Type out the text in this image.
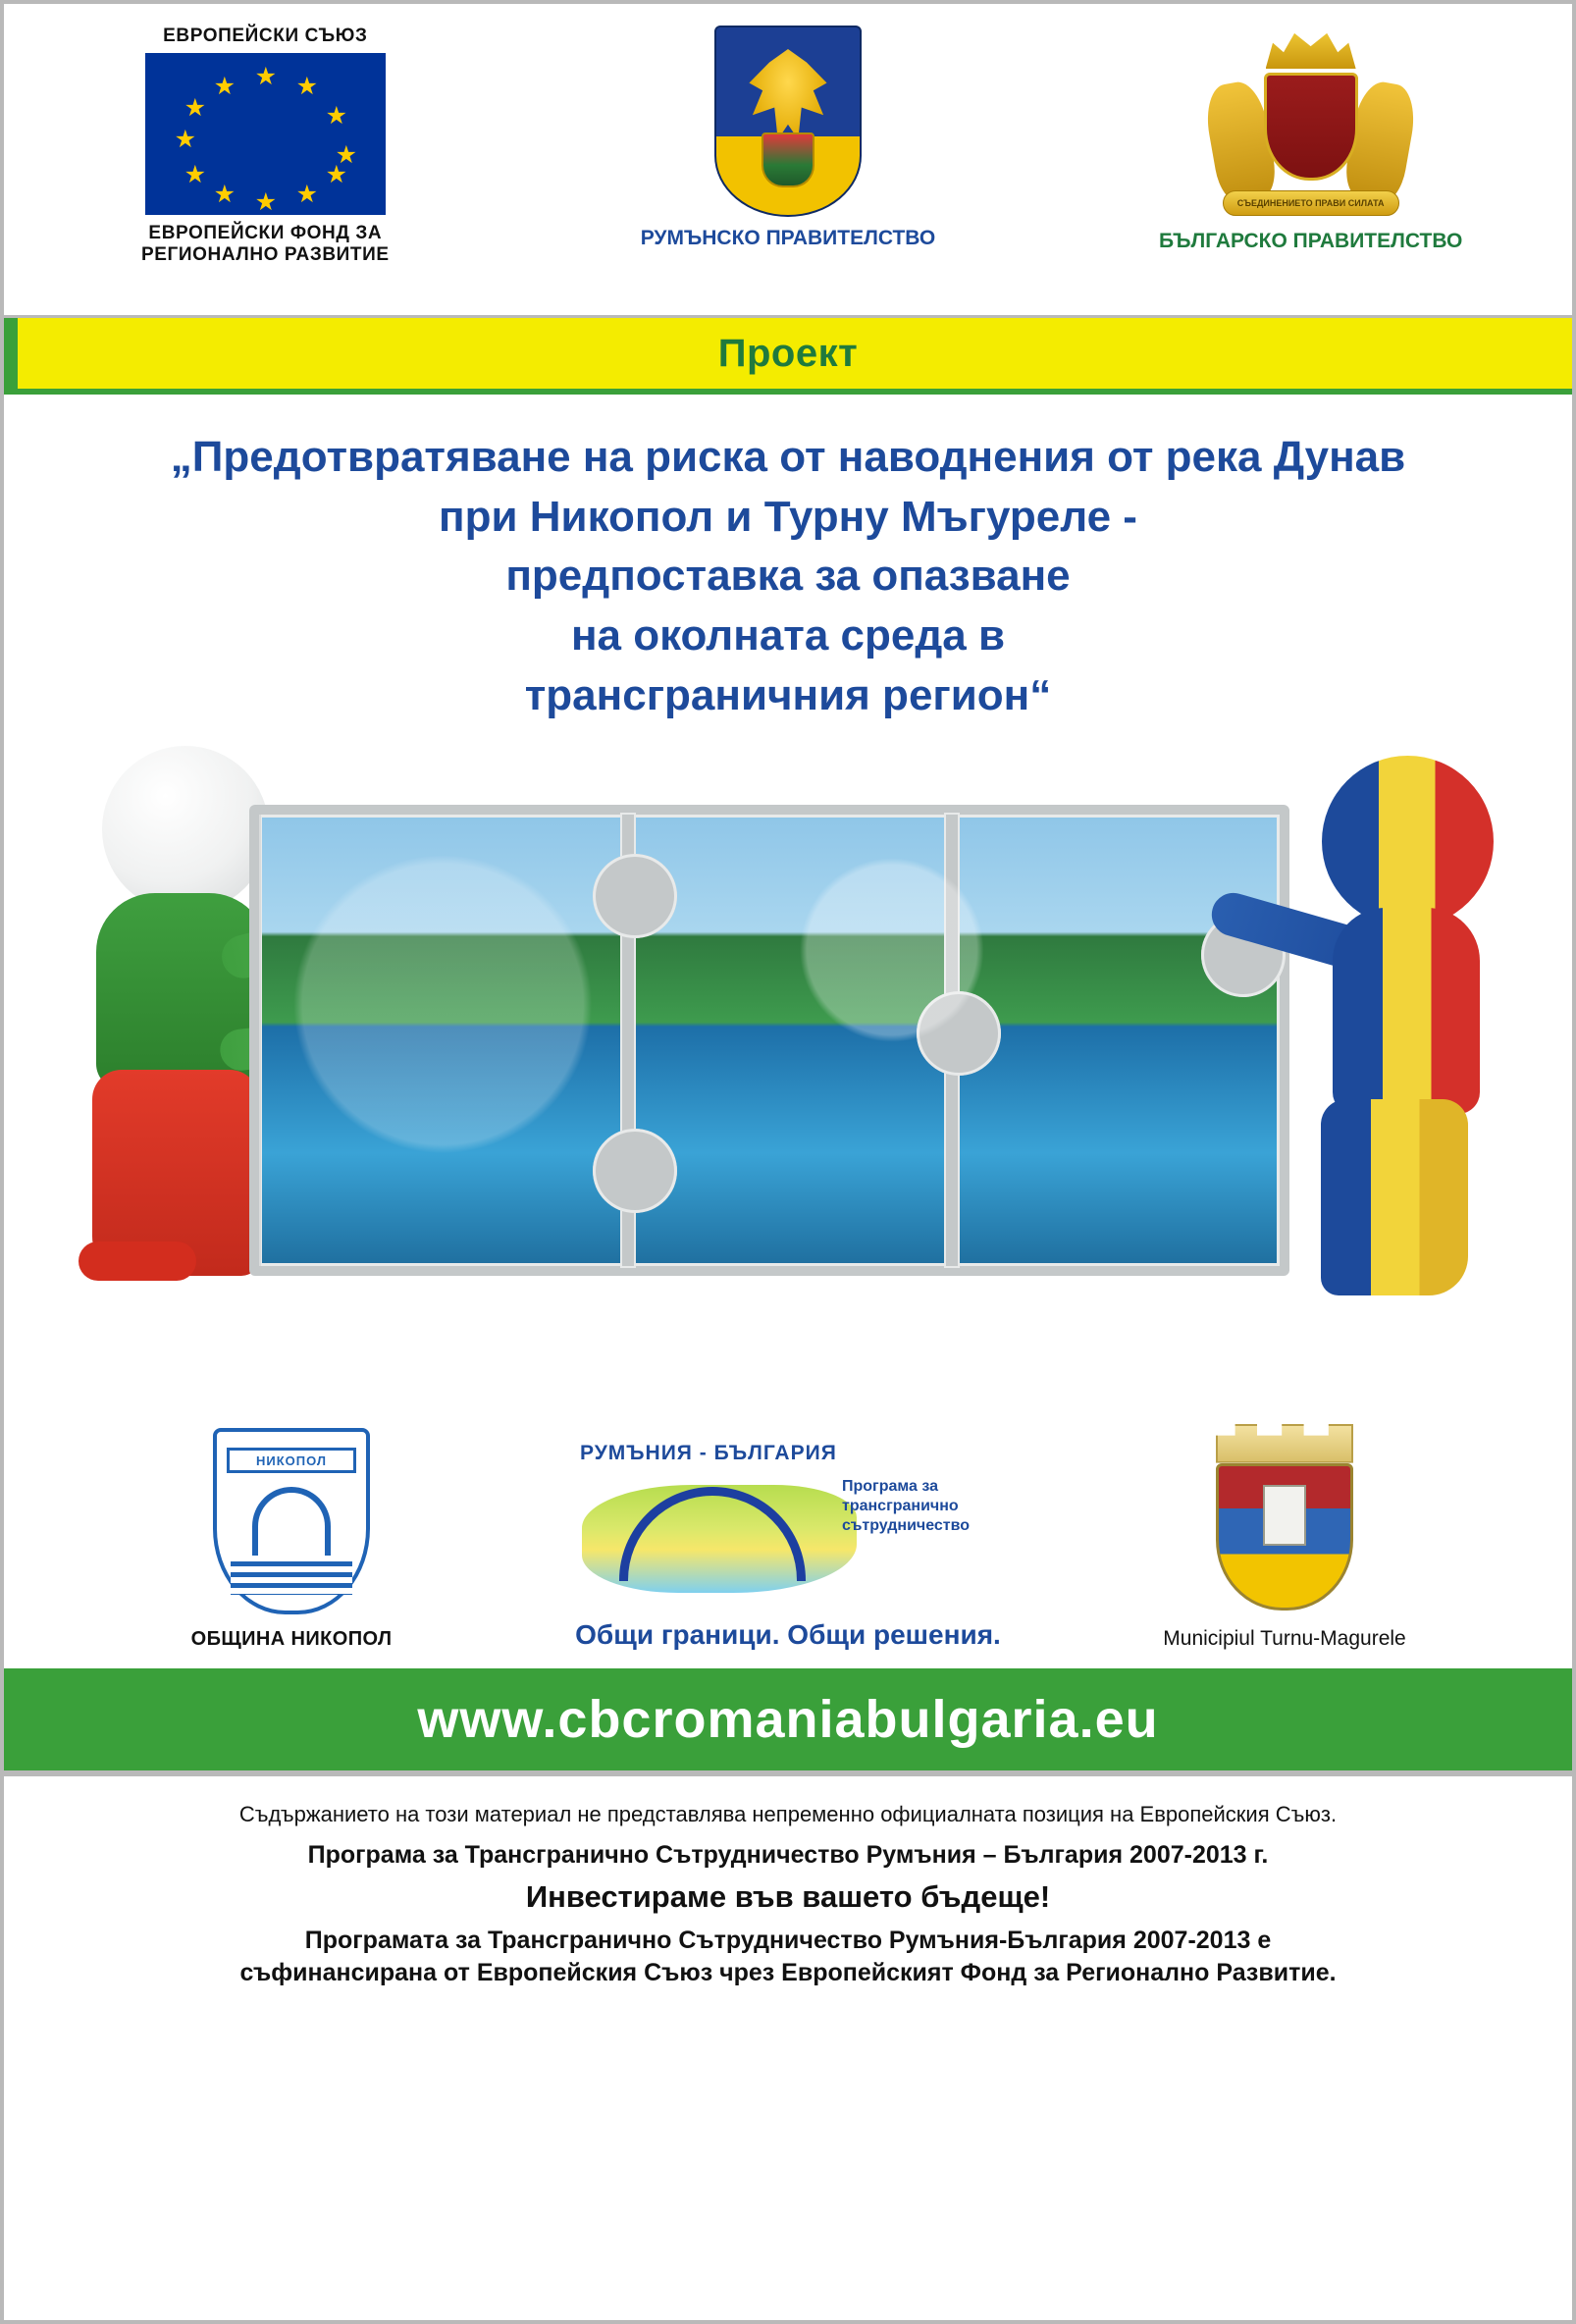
ЕВРОПЕЙСКИ СЪЮЗ
★ ★
★
★
★
★
★
★
★
★
★
★
ЕВРОПЕЙСКИ ФОНД ЗА
РЕГИОНАЛНО РАЗВИТИЕ
РУМЪНСКО ПРАВИТЕЛСТВО
СЪЕДИНЕНИЕТО ПРАВИ СИЛАТА
БЪЛГАРСКО ПРАВИТЕЛСТВО
Проект
„Предотвратяване на риска от наводнения от река Дунав
при Никопол и Турну Мъгуреле -
предпоставка за опазване
на околната среда в
трансграничния регион“
НИКОПОЛ
ОБЩИНА НИКОПОЛ
РУМЪНИЯ - БЪЛГАРИЯ
Програма за
трансгранично
сътрудничество
Общи граници. Общи решения.	Municipiul Turnu-Magurele
www.cbcromaniabulgaria.eu
Съдържанието на този материал не представлява непременно официалната позиция на Европейския Съюз.
Програма за Трансгранично Сътрудничество Румъния – България 2007-2013 г.
Инвестираме във вашето бъдеще!
Програмата за Трансгранично Сътрудничество Румъния-България 2007-2013 е
съфинансирана от Европейския Съюз чрез Европейският Фонд за Регионално Развитие.
